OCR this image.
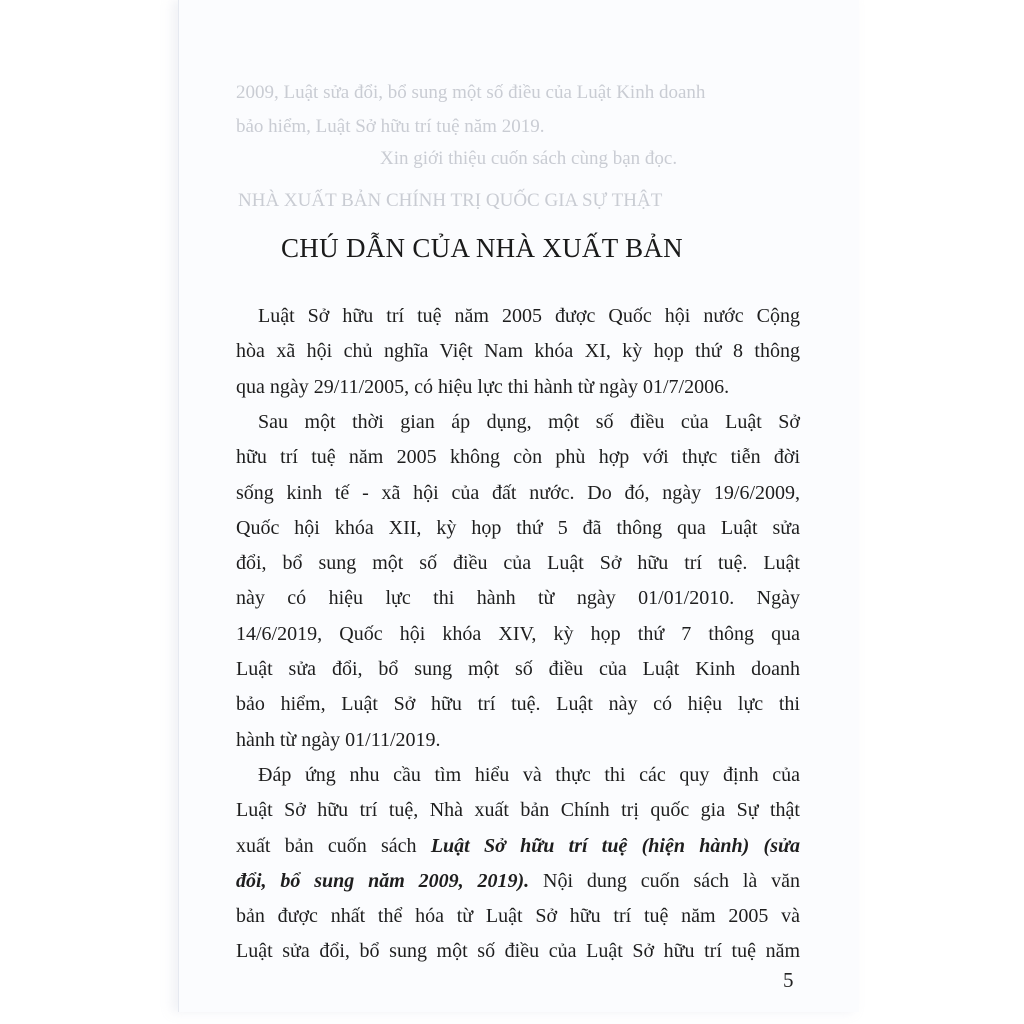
2009, Luật sửa đổi, bổ sung một số điều của Luật Kinh doanh
bảo hiểm, Luật Sở hữu trí tuệ năm 2019.
Xin giới thiệu cuốn sách cùng bạn đọc.
NHÀ XUẤT BẢN CHÍNH TRỊ QUỐC GIA SỰ THẬT
CHÚ DẪN CỦA NHÀ XUẤT BẢN
Luật Sở hữu trí tuệ năm 2005 được Quốc hội nước Cộng
hòa xã hội chủ nghĩa Việt Nam khóa XI, kỳ họp thứ 8 thông
qua ngày 29/11/2005, có hiệu lực thi hành từ ngày 01/7/2006.
Sau một thời gian áp dụng, một số điều của Luật Sở
hữu trí tuệ năm 2005 không còn phù hợp với thực tiễn đời
sống kinh tế - xã hội của đất nước. Do đó, ngày 19/6/2009,
Quốc hội khóa XII, kỳ họp thứ 5 đã thông qua Luật sửa
đổi, bổ sung một số điều của Luật Sở hữu trí tuệ. Luật
này có hiệu lực thi hành từ ngày 01/01/2010. Ngày
14/6/2019, Quốc hội khóa XIV, kỳ họp thứ 7 thông qua
Luật sửa đổi, bổ sung một số điều của Luật Kinh doanh
bảo hiểm, Luật Sở hữu trí tuệ. Luật này có hiệu lực thi
hành từ ngày 01/11/2019.
Đáp ứng nhu cầu tìm hiểu và thực thi các quy định của
Luật Sở hữu trí tuệ, Nhà xuất bản Chính trị quốc gia Sự thật
xuất bản cuốn sách Luật Sở hữu trí tuệ (hiện hành) (sửa
đổi, bổ sung năm 2009, 2019). Nội dung cuốn sách là văn
bản được nhất thể hóa từ Luật Sở hữu trí tuệ năm 2005 và
Luật sửa đổi, bổ sung một số điều của Luật Sở hữu trí tuệ năm
5
